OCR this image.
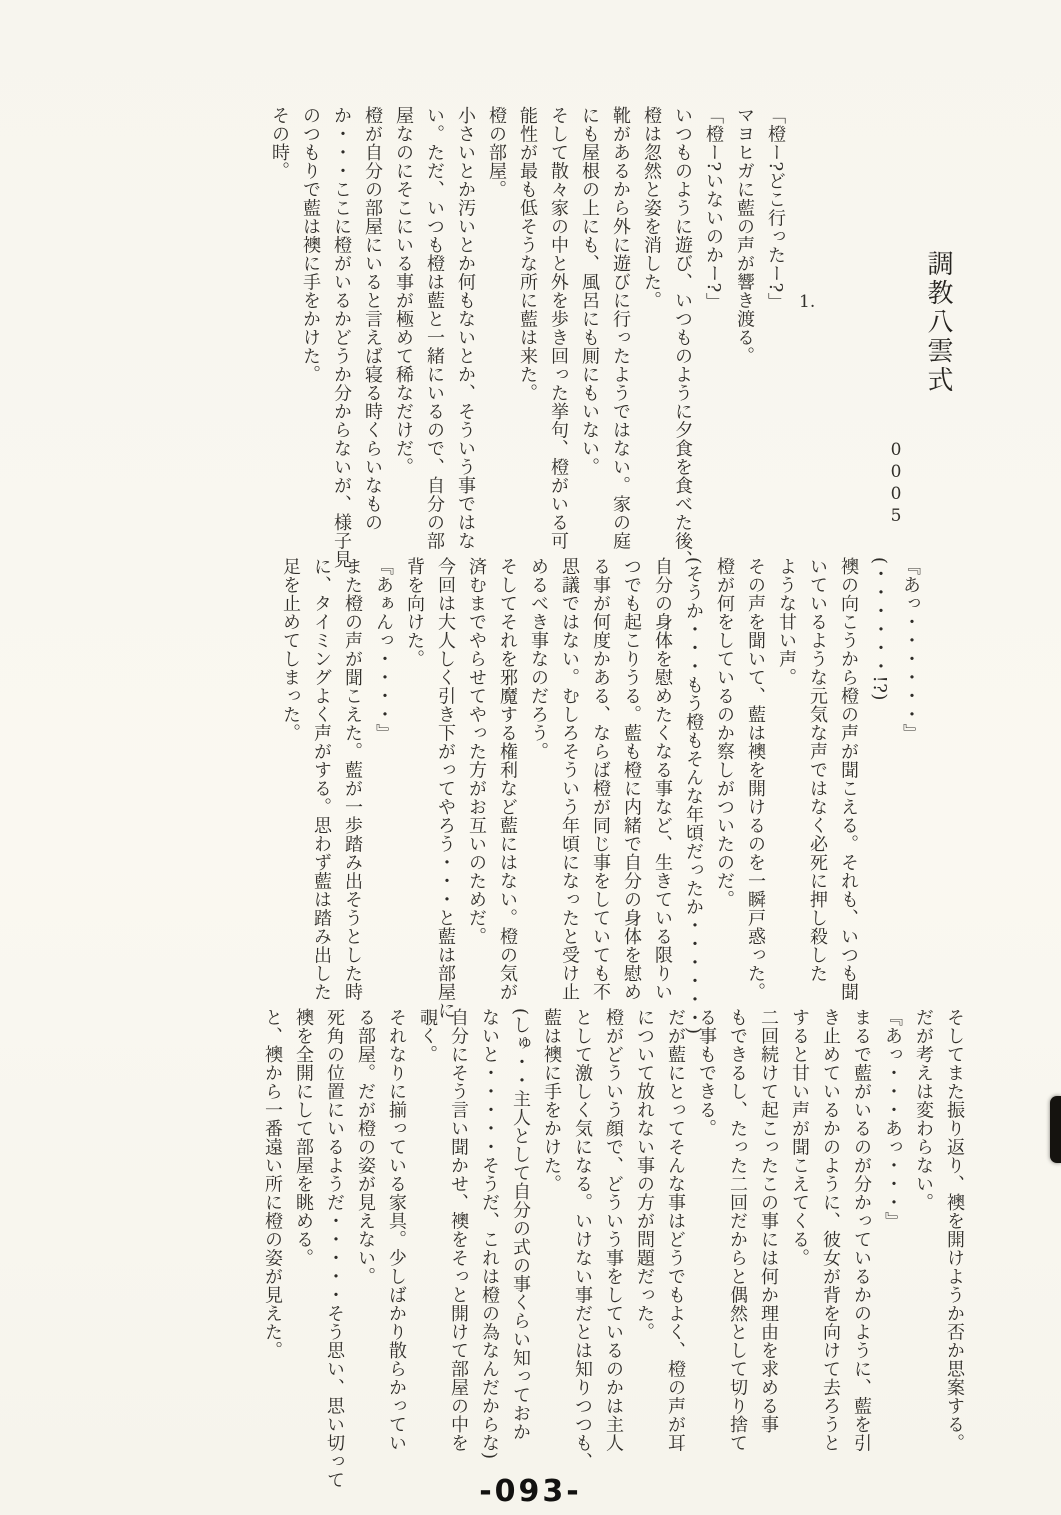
調教八雲式
0005
1.

「橙ー?どこ行ったー?」

マヨヒガに藍の声が響き渡る。

「橙ー?いないのかー?」

いつものように遊び、いつものように夕食を食べた後、

橙は忽然と姿を消した。

靴があるから外に遊びに行ったようではない。家の庭

にも屋根の上にも、風呂にも厠にもいない。

そして散々家の中と外を歩き回った挙句、橙がいる可

能性が最も低そうな所に藍は来た。

橙の部屋。

小さいとか汚いとか何もないとか、そういう事ではな

い。ただ、いつも橙は藍と一緒にいるので、自分の部

屋なのにそこにいる事が極めて稀なだけだ。

橙が自分の部屋にいると言えば寝る時くらいなもの

か・・・ここに橙がいるかどうか分からないが、様子見

のつもりで藍は襖に手をかけた。

その時。

『あっ・・・・・・』

(・・・・・・!?)

襖の向こうから橙の声が聞こえる。それも、いつも聞

いているような元気な声ではなく必死に押し殺した

ような甘い声。

その声を聞いて、藍は襖を開けるのを一瞬戸惑った。

橙が何をしているのか察しがついたのだ。

(そうか・・・もう橙もそんな年頃だったか・・・・・・)

自分の身体を慰めたくなる事など、生きている限りい

つでも起こりうる。藍も橙に内緒で自分の身体を慰め

る事が何度かある、ならば橙が同じ事をしていても不

思議ではない。むしろそういう年頃になったと受け止

めるべき事なのだろう。

そしてそれを邪魔する権利など藍にはない。橙の気が

済むまでやらせてやった方がお互いのためだ。

今回は大人しく引き下がってやろう・・・と藍は部屋に

背を向けた。

『あぁんっ・・・・』

また橙の声が聞こえた。藍が一歩踏み出そうとした時

に、タイミングよく声がする。思わず藍は踏み出した

足を止めてしまった。

そしてまた振り返り、襖を開けようか否か思案する。

だが考えは変わらない。

『あっ・・・あっ・・・』

まるで藍がいるのが分かっているかのように、藍を引

き止めているかのように、彼女が背を向けて去ろうと

すると甘い声が聞こえてくる。

二回続けて起こったこの事には何か理由を求める事

もできるし、たった二回だからと偶然として切り捨て

る事もできる。

だが藍にとってそんな事はどうでもよく、橙の声が耳

について放れない事の方が問題だった。

橙がどういう顔で、どういう事をしているのかは主人

として激しく気になる。いけない事だとは知りつつも、

藍は襖に手をかけた。

(しゅ・・主人として自分の式の事くらい知っておか

ないと・・・・・そうだ、これは橙の為なんだからな)

自分にそう言い聞かせ、襖をそっと開けて部屋の中を

覗く。

それなりに揃っている家具。少しばかり散らかってい

る部屋。だが橙の姿が見えない。

死角の位置にいるようだ・・・・・そう思い、思い切って

襖を全開にして部屋を眺める。

と、襖から一番遠い所に橙の姿が見えた。

-093-
